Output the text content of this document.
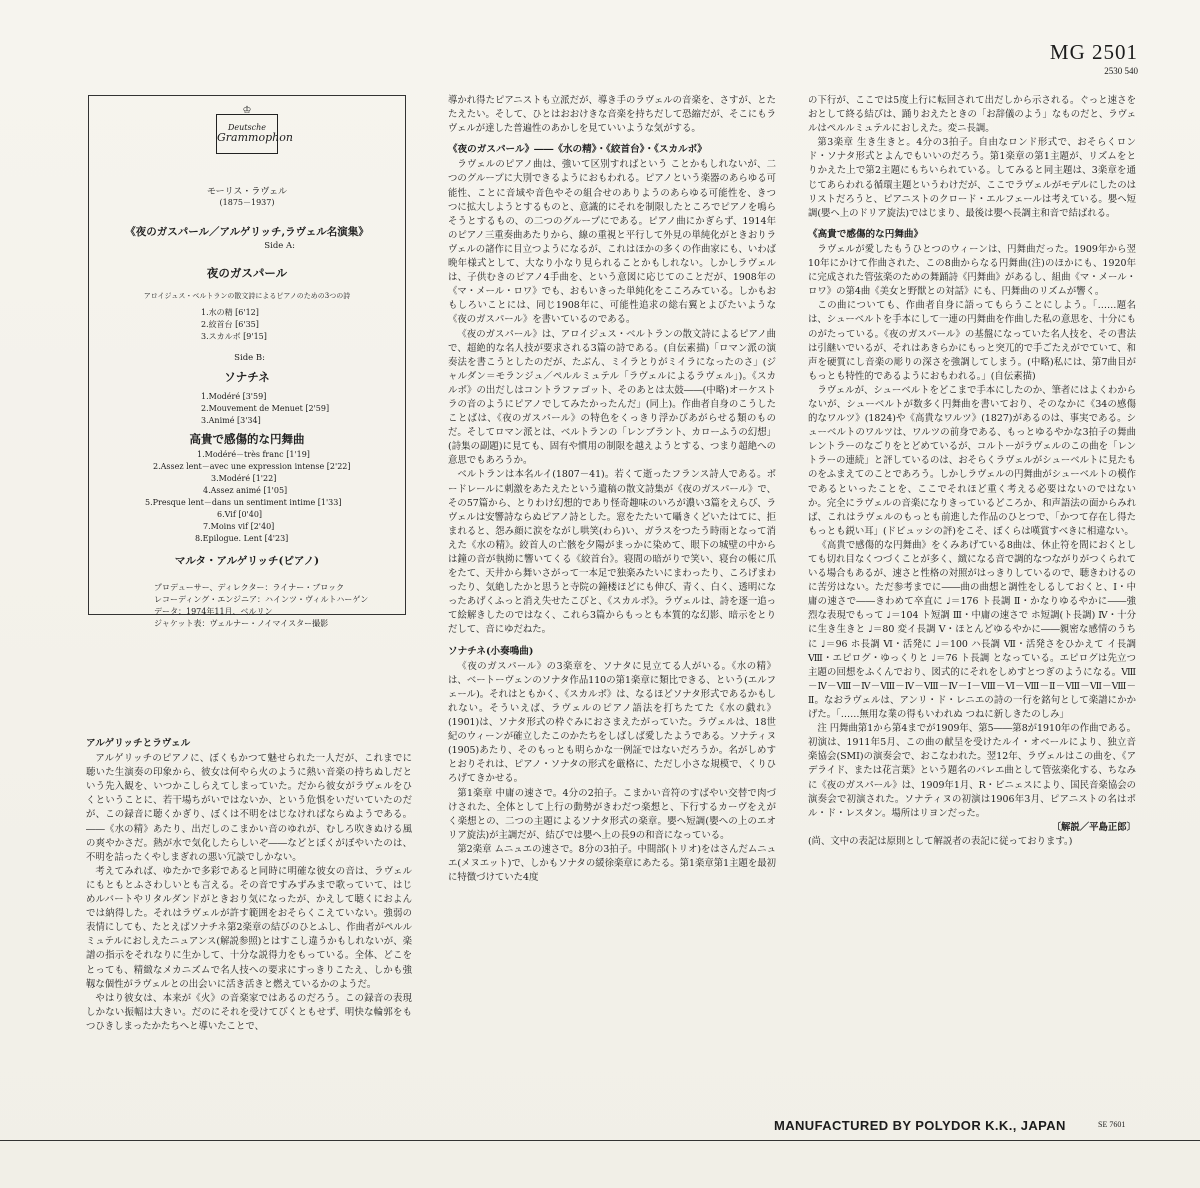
MG 2501
2530 540
♔
Deutsche
Grammophon
モーリス・ラヴェル
(1875－1937)
《夜のガスパール／アルゲリッチ,ラヴェル名演集》
Side A:
夜のガスパール
アロイジュス・ベルトランの散文詩によるピアノのための3つの詩
1.水の精 [6'12]
2.絞首台 [6'35]
3.スカルボ [9'15]
Side B:
ソナチネ
1.Modéré [3'59]
2.Mouvement de Menuet [2'59]
3.Animé [3'34]
高貴で感傷的な円舞曲
1.Modéré－très franc [1'19]
2.Assez lent－avec une expression intense [2'22]
3.Modéré [1'22]
4.Assez animé [1'05]
5.Presque lent－dans un sentiment intime [1'33]
6.Vif [0'40]
7.Moins vif [2'40]
8.Epilogue. Lent [4'23]
マルタ・アルゲリッチ(ピアノ)
プロデューサー、ディレクター：ライナー・ブロック
レコーディング・エンジニア：ハインツ・ヴィルトハーゲン
データ：1974年11月、ベルリン
ジャケット表：ヴェルナー・ノイマイスター撮影
アルゲリッチとラヴェル

アルゲリッチのピアノに、ぼくもかつて魅せられた一人だが、これまでに聴いた生演奏の印象から、彼女は何やら火のように熱い音楽の持ちぬしだという先入観を、いつかこしらえてしまっていた。だから彼女がラヴェルをひくということに、若干場ちがいではないか、という危惧をいだいていたのだが、この録音に聴くかぎり、ぼくは不明をはじなければならぬようである。――《水の精》あたり、出だしのこまかい音のゆれが、むしろ吹きぬける風の爽やかさだ。熱が水で気化したらしいぞ――などとぼくがぼやいたのは、不明を詰ったくやしまぎれの悪い冗談でしかない。

考えてみれば、ゆたかで多彩であると同時に明確な彼女の音は、ラヴェルにもともとふさわしいとも言える。その音ですみずみまで歌っていて、はじめルバートやリタルダンドがときおり気になったが、かえして聴くにおよんでは納得した。それはラヴェルが許す範囲をおそらくこえていない。強弱の表情にしても、たとえばソナチネ第2楽章の結びのひとふし、作曲者がペルルミュテルにおしえたニュアンス(解説参照)とはすこし違うかもしれないが、楽譜の指示をそれなりに生かして、十分な説得力をもっている。全体、どこをとっても、精緻なメカニズムで名人技への要求にすっきりこたえ、しかも強靱な個性がラヴェルとの出会いに活き活きと燃えているかのようだ。

やはり彼女は、本来が《火》の音楽家ではあるのだろう。この録音の表現しかない振幅は大きい。だのにそれを受けてびくともせず、明快な輪郭をもつひきしまったかたちへと導いたことで、

導かれ得たピアニストも立派だが、導き手のラヴェルの音楽を、さすが、とたたえたい。そして、ひとはおおけきな音楽を持ちだして恐縮だが、そこにもラヴェルが達した普遍性のあかしを見ていいような気がする。

《夜のガスパール》――《水の精》・《絞首台》・《スカルボ》

ラヴェルのピアノ曲は、強いて区別すればという ことかもしれないが、二つのグループに大別できるようにおもわれる。ピアノという楽器のあらゆる可能性、ことに音域や音色やその組合せのありようのあらゆる可能性を、きつつに拡大しようとするものと、意識的にそれを制限したところでピアノを鳴らそうとするもの、の二つのグループにである。ピアノ曲にかぎらず、1914年のピアノ三重奏曲あたりから、線の重視と平行して外見の単純化がときおりラヴェルの諸作に目立つようになるが、これはほかの多くの作曲家にも、いわば晩年様式として、大なり小なり見られることかもしれない。しかしラヴェルは、子供むきのピアノ4手曲を、という意図に応じてのことだが、1908年の《マ・メール・ロワ》でも、おもいきった単純化をこころみている。しかもおもしろいことには、同じ1908年に、可能性追求の総右翼とよびたいような《夜のガスパール》を書いているのである。

《夜のガスパール》は、アロイジュス・ベルトランの散文詩によるピアノ曲で、超絶的な名人技が要求される3篇の詩である。(自伝素描)「ロマン派の演奏法を書こうとしたのだが、たぶん、ミイラとりがミイラになったのさ」(ジャルダン＝モランジュ／ペルルミュテル「ラヴェルによるラヴェル」)。《スカルボ》の出だしはコントラファゴット、そのあとは太鼓――(中略)オーケストラの音のようにピアノでしてみたかったんだ」(同上)。作曲者自身のこうしたことばは、《夜のガスパール》の特色をくっきり浮かびあがらせる類のものだ。そしてロマン派とは、ベルトランの「レンブラント、カローふうの幻想」(詩集の副題)に見ても、固有や慣用の制限を越えようとする、つまり超絶への意思でもあろうか。

ベルトランは本名ルイ(1807－41)。若くて逝ったフランス詩人である。ボードレールに刺激をあたえたという遺稿の散文詩集が《夜のガスパール》で、その57篇から、とりわけ幻想的であり怪奇趣味のいろが濃い3篇をえらび、ラヴェルは安響詩ならぬピアノ詩とした。窓をたたいて囁きくどいたはてに、拒まれると、怨み顔に涙をながし哄笑(わら)い、ガラスをつたう時雨となって消えた《水の精》。絞首人の亡骸を夕陽がまっかに染めて、眼下の城壁の中からは鐘の音が執拗に響いてくる《絞首台》。寝間の暗がりで笑い、寝台の帳に爪をたて、天井から舞いさがって一本足で独楽みたいにまわったり、ころげまわったり、気絶したかと思うと寺院の鐘楼ほどにも伸び、青く、白く、透明になったあげくふっと消え失せたこびと、《スカルボ》。ラヴェルは、詩を逐一追って絵解きしたのではなく、これら3篇からもっとも本質的な幻影、暗示をとりだして、音にゆだねた。

ソナチネ(小奏鳴曲)

《夜のガスパール》の3楽章を、ソナタに見立てる人がいる。《水の精》は、ベートーヴェンのソナタ作品110の第1楽章に類比できる、という(エルフェール)。それはともかく、《スカルボ》は、なるほどソナタ形式であるかもしれない。そういえば、ラヴェルのピアノ語法を打ちたてた《水の戯れ》(1901)は、ソナタ形式の枠ぐみにおさまえたがっていた。ラヴェルは、18世紀のウィーンが確立したこのかたちをしばしば愛したようである。ソナティヌ(1905)あたり、そのもっとも明らかな一例証ではないだろうか。名がしめすとおりそれは、ピアノ・ソナタの形式を厳格に、ただし小さな規模で、くりひろげてきかせる。

第1楽章 中庸の速さで。4分の2拍子。こまかい音符のすばやい交替で肉づけされた、全体として上行の動勢がきわだつ楽想と、下行するカーヴをえがく楽想との、二つの主題によるソナタ形式の楽章。嬰ヘ短調(嬰への上のエオリア旋法)が主調だが、結びでは嬰ヘ上の長9の和音になっている。

第2楽章 ムニュエの速さで。8分の3拍子。中間部(トリオ)をはさんだムニュエ(メヌエット)で、しかもソナタの緩徐楽章にあたる。第1楽章第1主題を最初に特徴づけていた4度

の下行が、ここでは5度上行に転回されて出だしから示される。ぐっと速さをおとして終る結びは、踊りおえたときの「お辞儀のよう」なものだと、ラヴェルはペルルミュテルにおしえた。変ニ長調。

第3楽章 生き生きと。4分の3拍子。自由なロンド形式で、おそらくロンド・ソナタ形式とよんでもいいのだろう。第1楽章の第1主題が、リズムをとりかえた上で第2主題にもちいられている。してみると同主題は、3楽章を通じてあらわれる循環主題というわけだが、ここでラヴェルがモデルにしたのはリストだろうと、ピアニストのクロード・エルフェールは考えている。嬰ヘ短調(嬰ヘ上のドリア旋法)ではじまり、最後は嬰ヘ長調主和音で結ばれる。

《高貴で感傷的な円舞曲》

ラヴェルが愛したもうひとつのウィーンは、円舞曲だった。1909年から翌10年にかけて作曲された、この8曲からなる円舞曲(注)のほかにも、1920年に完成された管弦楽のための舞踊詩《円舞曲》があるし、組曲《マ・メール・ロワ》の第4曲《美女と野獣との対話》にも、円舞曲のリズムが響く。

この曲についても、作曲者自身に語ってもらうことにしよう。「……題名は、シューベルトを手本にして一連の円舞曲を作曲した私の意思を、十分にものがたっている。《夜のガスパール》の基盤になっていた名人技を、その書法は引継いでいるが、それはあきらかにもっと突兀的で手ごたえがでていて、和声を硬質にし音楽の彫りの深さを強調してしまう。(中略)私には、第7曲目がもっとも特性的であるようにおもわれる。」(自伝素描)

ラヴェルが、シューベルトをどこまで手本にしたのか、筆者にはよくわからないが、シューベルトが数多く円舞曲を書いており、そのなかに《34の感傷的なワルツ》(1824)や《高貴なワルツ》(1827)があるのは、事実である。シューベルトのワルツは、ワルツの前身である、もっとゆるやかな3拍子の舞曲レントラーのなごりをとどめているが、コルトーがラヴェルのこの曲を「レントラーの連続」と評しているのは、おそらくラヴェルがシューベルトに見たものをふまえてのことであろう。しかしラヴェルの円舞曲がシューベルトの模作であるといったことを、ここでそれほど重く考える必要はないのではないか。完全にラヴェルの音楽になりきっているどころか、和声語法の面からみれば、これはラヴェルのもっとも前進した作品のひとつで、「かつて存在し得たもっとも鋭い耳」(ドビュッシの評)をこそ、ぼくらは嘆賞すべきに相違ない。

《高貴で感傷的な円舞曲》をくみあげている8曲は、休止符を間におくとしても切れ目なくつづくことが多く、緻になる音で調的なつながりがつくられている場合もあるが、速さと性格の対照がはっきりしているので、聴きわけるのに苦労はない。ただ参考までに――曲の曲想と調性をしるしておくと、Ⅰ・中庸の速さで――きわめて卒直に ♩＝176 ト長調 Ⅱ・かなりゆるやかに――強烈な表現でもって ♩＝104 ト短調 Ⅲ・中庸の速さで ホ短調(ト長調) Ⅳ・十分に生き生きと ♩＝80 変イ長調 Ⅴ・ほとんどゆるやかに――親密な感情のうちに ♩＝96 ホ長調 Ⅵ・活発に ♩＝100 ハ長調 Ⅶ・活発さをひかえて イ長調 Ⅷ・エピログ・ゆっくりと ♩＝76 ト長調 となっている。エピログは先立つ主題の回想をふくんでおり、図式的にそれをしめすとつぎのようになる。Ⅷ－Ⅳ－Ⅷ－Ⅳ－Ⅷ－Ⅳ－Ⅷ－Ⅳ－Ⅰ－Ⅷ－Ⅵ－Ⅷ－Ⅱ－Ⅷ－Ⅶ－Ⅷ－Ⅱ。なおラヴェルは、アンリ・ド・レニエの詩の一行を銘句として楽譜にかかげた。「……無用な業の得もいわれぬ つねに新しきたのしみ」

注 円舞曲第1から第4までが1909年、第5――第8が1910年の作曲である。初演は、1911年5月、この曲の献呈を受けたルイ・オベールにより、独立音楽協会(SMI)の演奏会で、おこなわれた。翌12年、ラヴェルはこの曲を、《アデライド、または花言葉》という題名のバレエ曲として管弦楽化する、ちなみに《夜のガスパール》は、1909年1月、R・ビニェスにより、国民音楽協会の演奏会で初演された。ソナティヌの初演は1906年3月、ピアニストの名はポル・ド・レスタン。場所はリヨンだった。

〔解説／平島正郎〕

(尚、文中の表記は原則として解説者の表記に従っております。)

MANUFACTURED BY POLYDOR K.K., JAPAN	SE 7601
